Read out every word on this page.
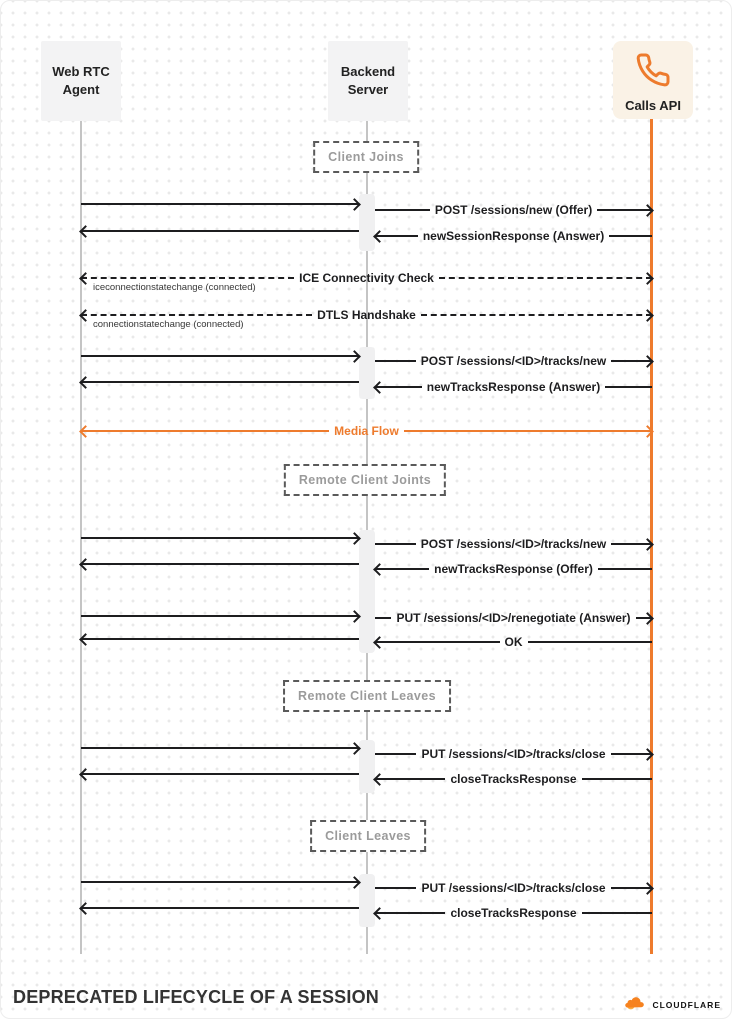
Web RTC Agent
Backend Server
Calls API
POST /sessions/new (Offer)
newSessionResponse (Answer)
ICE Connectivity Check
iceconnectionstatechange (connected)
DTLS Handshake
connectionstatechange (connected)
POST /sessions/<ID>/tracks/new
newTracksResponse (Answer)
Media Flow
POST /sessions/<ID>/tracks/new
newTracksResponse (Offer)
PUT /sessions/<ID>/renegotiate (Answer)
OK
PUT /sessions/<ID>/tracks/close
closeTracksResponse
PUT /sessions/<ID>/tracks/close
closeTracksResponse
Client Joins
Remote Client Joints
Remote Client Leaves
Client Leaves
DEPRECATED LIFECYCLE OF A SESSION	CLOUDFLARE
